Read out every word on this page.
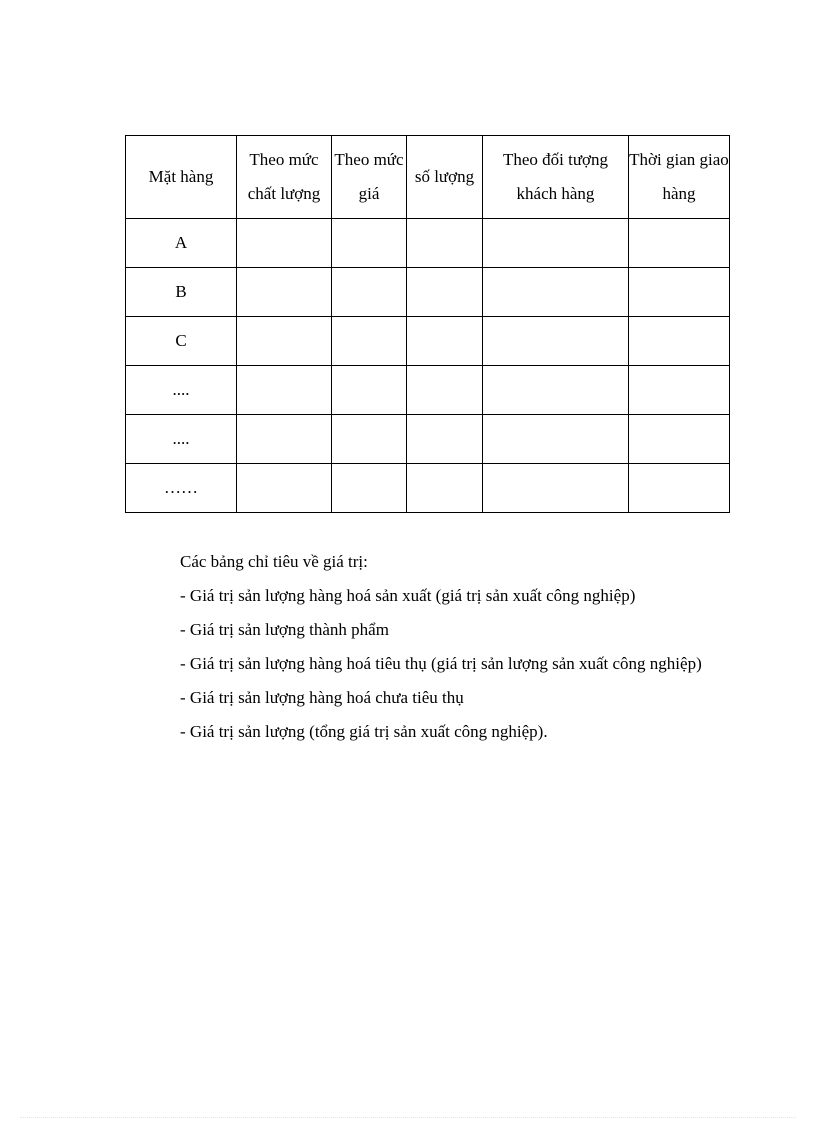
Mặt hàng	Theo mức chất lượng	Theo mức giá	số lượng	Theo đối tượng khách hàng	Thời gian giao hàng
A					
B					
C					
....					
....					
……					

Các bảng chỉ tiêu về giá trị:

- Giá trị sản lượng hàng hoá sản xuất (giá trị sản xuất công nghiệp)

- Giá trị sản lượng thành phẩm

- Giá trị sản lượng hàng hoá tiêu thụ (giá trị sản lượng sản xuất công nghiệp)

- Giá trị sản lượng hàng hoá chưa tiêu thụ

- Giá trị sản lượng (tổng giá trị sản xuất công nghiệp).
